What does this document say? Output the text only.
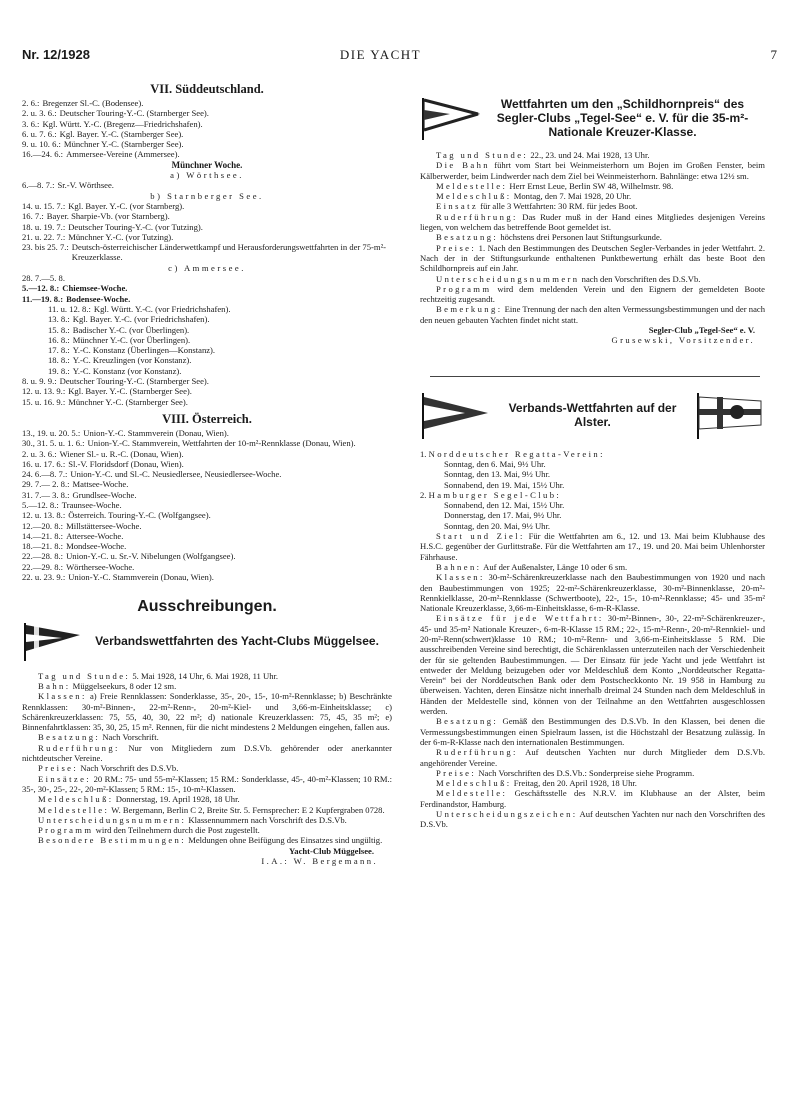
Nr. 12/1928	DIE YACHT	7
VII. Süddeutschland.
2. 6.: Bregenzer Sl.-C. (Bodensee).
2. u. 3. 6.: Deutscher Touring-Y.-C. (Starnberger See).
3. 6.: Kgl. Württ. Y.-C. (Bregenz—Friedrichshafen).
6. u. 7. 6.: Kgl. Bayer. Y.-C. (Starnberger See).
9. u. 10. 6.: Münchner Y.-C. (Starnberger See).
16.—24. 6.: Ammersee-Vereine (Ammersee).
Münchner Woche.
a) Wörthsee.
6.—8. 7.: Sr.-V. Wörthsee.
b) Starnberger See.
14. u. 15. 7.: Kgl. Bayer. Y.-C. (vor Starnberg).
16. 7.: Bayer. Sharpie-Vb. (vor Starnberg).
18. u. 19. 7.: Deutscher Touring-Y.-C. (vor Tutzing).
21. u. 22. 7.: Münchner Y.-C. (vor Tutzing).
23. bis 25. 7.: Deutsch-österreichischer Länderwettkampf und Herausforderungswettfahrten in der 75-m²-Kreuzerklasse.
c) Ammersee.
28. 7.—5. 8.
5.—12. 8.: Chiemsee-Woche.
11.—19. 8.: Bodensee-Woche.
11. u. 12. 8.: Kgl. Württ. Y.-C. (vor Friedrichshafen).
13. 8.: Kgl. Bayer. Y.-C. (vor Friedrichshafen).
15. 8.: Badischer Y.-C. (vor Überlingen).
16. 8.: Münchner Y.-C. (vor Überlingen).
17. 8.: Y.-C. Konstanz (Überlingen—Konstanz).
18. 8.: Y.-C. Kreuzlingen (vor Konstanz).
19. 8.: Y.-C. Konstanz (vor Konstanz).
8. u. 9. 9.: Deutscher Touring-Y.-C. (Starnberger See).
12. u. 13. 9.: Kgl. Bayer. Y.-C. (Starnberger See).
15. u. 16. 9.: Münchner Y.-C. (Starnberger See).
VIII. Österreich.
13., 19. u. 20. 5.: Union-Y.-C. Stammverein (Donau, Wien).
30., 31. 5. u. 1. 6.: Union-Y.-C. Stammverein, Wettfahrten der 10-m²-Rennklasse (Donau, Wien).
2. u. 3. 6.: Wiener Sl.- u. R.-C. (Donau, Wien).
16. u. 17. 6.: Sl.-V. Floridsdorf (Donau, Wien).
24. 6.—8. 7.: Union-Y.-C. und Sl.-C. Neusiedlersee, Neusiedlersee-Woche.
29. 7.— 2. 8.: Mattsee-Woche.
31. 7.— 3. 8.: Grundlsee-Woche.
5.—12. 8.: Traunsee-Woche.
12. u. 13. 8.: Österreich. Touring-Y.-C. (Wolfgangsee).
12.—20. 8.: Millstättersee-Woche.
14.—21. 8.: Attersee-Woche.
18.—21. 8.: Mondsee-Woche.
22.—28. 8.: Union-Y.-C. u. Sr.-V. Nibelungen (Wolfgangsee).
22.—29. 8.: Wörthersee-Woche.
22. u. 23. 9.: Union-Y.-C. Stammverein (Donau, Wien).
Ausschreibungen.
Verbandswettfahrten des Yacht-Clubs Müggelsee.

Tag und Stunde: 5. Mai 1928, 14 Uhr, 6. Mai 1928, 11 Uhr.

Bahn: Müggelseekurs, 8 oder 12 sm.

Klassen: a) Freie Rennklassen: Sonderklasse, 35-, 20-, 15-, 10-m²-Rennklasse; b) Beschränkte Rennklassen: 30-m²-Binnen-, 22-m²-Renn-, 20-m²-Kiel- und 3,66-m-Einheitsklasse; c) Schärenkreuzerklassen: 75, 55, 40, 30, 22 m²; d) nationale Kreuzerklassen: 75, 45, 35 m²; e) Binnenfahrtklassen: 35, 30, 25, 15 m². Rennen, für die nicht mindestens 2 Meldungen eingehen, fallen aus.

Besatzung: Nach Vorschrift.

Ruderführung: Nur von Mitgliedern zum D.S.Vb. gehörender oder anerkannter nichtdeutscher Vereine.

Preise: Nach Vorschrift des D.S.Vb.

Einsätze: 20 RM.: 75- und 55-m²-Klassen; 15 RM.: Sonderklasse, 45-, 40-m²-Klassen; 10 RM.: 35-, 30-, 25-, 22-, 20-m²-Klassen; 5 RM.: 15-, 10-m²-Klassen.

Meldeschluß: Donnerstag, 19. April 1928, 18 Uhr.

Meldestelle: W. Bergemann, Berlin C 2, Breite Str. 5. Fernsprecher: E 2 Kupfergraben 0728.

Unterscheidungsnummern: Klassennummern nach Vorschrift des D.S.Vb.

Programm wird den Teilnehmern durch die Post zugestellt.

Besondere Bestimmungen: Meldungen ohne Beifügung des Einsatzes sind ungültig.

Yacht-Club Müggelsee.
I.A.: W. Bergemann.
Wettfahrten um den „Schildhornpreis“ des Segler-Clubs „Tegel-See“ e. V. für die 35-m²- Nationale Kreuzer-Klasse.

Tag und Stunde: 22., 23. und 24. Mai 1928, 13 Uhr.

Die Bahn führt vom Start bei Weinmeisterhorn um Bojen im Großen Fenster, beim Kälberwerder, beim Lindwerder nach dem Ziel bei Weinmeisterhorn. Bahnlänge: etwa 12½ sm.

Meldestelle: Herr Ernst Leue, Berlin SW 48, Wilhelmstr. 98.

Meldeschluß: Montag, den 7. Mai 1928, 20 Uhr.

Einsatz für alle 3 Wettfahrten: 30 RM. für jedes Boot.

Ruderführung: Das Ruder muß in der Hand eines Mitgliedes desjenigen Vereins liegen, von welchem das betreffende Boot gemeldet ist.

Besatzung: höchstens drei Personen laut Stiftungsurkunde.

Preise: 1. Nach den Bestimmungen des Deutschen Segler-Verbandes in jeder Wettfahrt. 2. Nach der in der Stiftungsurkunde enthaltenen Punktbewertung erhält das beste Boot den Schildhornpreis auf ein Jahr.

Unterscheidungsnummern nach den Vorschriften des D.S.Vb.

Programm wird dem meldenden Verein und den Eignern der gemeldeten Boote rechtzeitig zugesandt.

Bemerkung: Eine Trennung der nach den alten Vermessungsbestimmungen und der nach den neuen gebauten Yachten findet nicht statt.

Segler-Club „Tegel-See“ e. V.
Grusewski, Vorsitzender.
Verbands-Wettfahrten auf der Alster.
1. Norddeutscher Regatta-Verein:
Sonntag, den 6. Mai, 9½ Uhr.
Sonntag, den 13. Mai, 9½ Uhr.
Sonnabend, den 19. Mai, 15½ Uhr.
2. Hamburger Segel-Club:
Sonnabend, den 12. Mai, 15½ Uhr.
Donnerstag, den 17. Mai, 9½ Uhr.
Sonntag, den 20. Mai, 9½ Uhr.

Start und Ziel: Für die Wettfahrten am 6., 12. und 13. Mai beim Klubhause des H.S.C. gegenüber der Gurlittstraße. Für die Wettfahrten am 17., 19. und 20. Mai beim Uhlenhorster Fährhause.

Bahnen: Auf der Außenalster, Länge 10 oder 6 sm.

Klassen: 30-m²-Schärenkreuzerklasse nach den Baubestimmungen von 1920 und nach den Baubestimmungen von 1925; 22-m²-Schärenkreuzerklasse, 30-m²-Binnenklasse, 20-m²-Rennkielklasse, 20-m²-Rennklasse (Schwertboote), 22-, 15-, 10-m²-Rennklasse; 45- und 35-m² Nationale Kreuzerklasse, 3,66-m-Einheitsklasse, 6-m-R-Klasse.

Einsätze für jede Wettfahrt: 30-m²-Binnen-, 30-, 22-m²-Schärenkreuzer-, 45- und 35-m² Nationale Kreuzer-, 6-m-R-Klasse 15 RM.; 22-, 15-m²-Renn-, 20-m²-Rennkiel- und 20-m²-Renn(schwert)klasse 10 RM.; 10-m²-Renn- und 3,66-m-Einheitsklasse 5 RM. Die ausschreibenden Vereine sind berechtigt, die Schärenklassen unterzuteilen nach der Verschiedenheit der für sie geltenden Baubestimmungen. — Der Einsatz für jede Yacht und jede Wettfahrt ist entweder der Meldung beizugeben oder vor Meldeschluß dem Konto „Norddeutscher Regatta-Verein“ bei der Norddeutschen Bank oder dem Postscheckkonto Nr. 19 958 in Hamburg zu überweisen. Yachten, deren Einsätze nicht innerhalb dreimal 24 Stunden nach dem Meldeschluß in Händen der Meldestelle sind, können von der Teilnahme an den Wettfahrten ausgeschlossen werden.

Besatzung: Gemäß den Bestimmungen des D.S.Vb. In den Klassen, bei denen die Vermessungsbestimmungen einen Spielraum lassen, ist die Höchstzahl der Besatzung zulässig. In der 6-m-R-Klasse nach den internationalen Bestimmungen.

Ruderführung: Auf deutschen Yachten nur durch Mitglieder dem D.S.Vb. angehörender Vereine.

Preise: Nach Vorschriften des D.S.Vb.: Sonderpreise siehe Programm.

Meldeschluß: Freitag, den 20. April 1928, 18 Uhr.

Meldestelle: Geschäftsstelle des N.R.V. im Klubhause an der Alster, beim Ferdinandstor, Hamburg.

Unterscheidungszeichen: Auf deutschen Yachten nur nach den Vorschriften des D.S.Vb.
